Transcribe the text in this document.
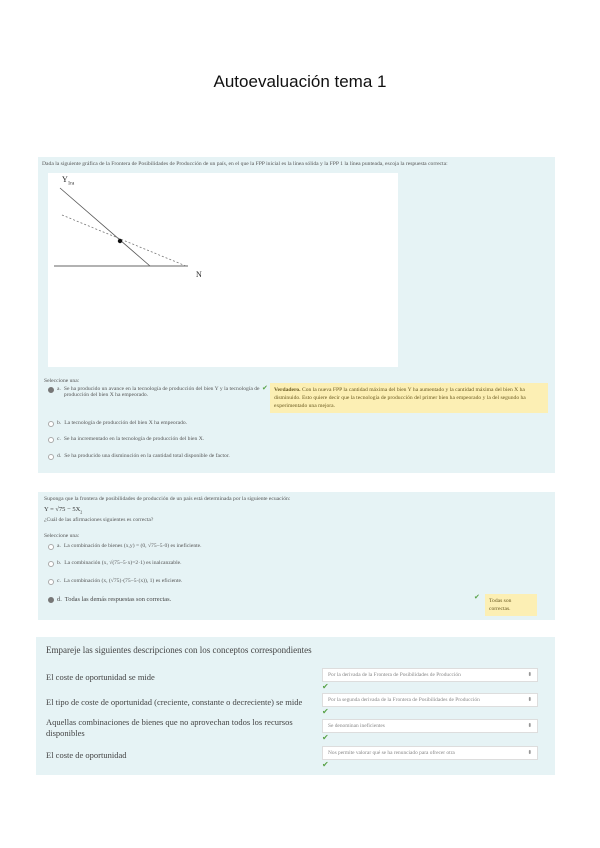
Autoevaluación tema 1
Dada la siguiente gráfica de la Frontera de Posibilidades de Producción de un país, en el que la FPP inicial es la línea sólida y la FPP 1 la línea punteada, escoja la respuesta correcta:
$Y_{1ra}$
N
Seleccione una:
a. Se ha producido un avance en la tecnología de producción del bien Y y la tecnología de producción del bien X ha empeorado.
✔	Verdadero. Con la nueva FPP la cantidad máxima del bien Y ha aumentado y la cantidad máxima del bien X ha disminuido. Esto quiere decir que la tecnología de producción del primer bien ha empeorado y la del segundo ha experimentado una mejora.
b. La tecnología de producción del bien X ha empeorado.
c. Se ha incrementado en la tecnología de producción del bien X.
d. Se ha producido una disminución en la cantidad total disponible de factor.
Suponga que la frontera de posibilidades de producción de un país está determinada por la siguiente ecuación:
$Y = √75 - 5X_2$
¿Cuál de las afirmaciones siguientes es correcta?
Seleccione una:
a. La combinación de bienes (x,y) = (0, √75−5·0) es ineficiente.
b. La combinación (x, √(75−5·x)=2·1) es inalcanzable.
c. La combinación (x, (√75)·(75−5·(x)), 1) es eficiente.
d. Todas las demás respuestas son correctas.	✔	Todas son correctas.
Empareje las siguientes descripciones con los conceptos correspondientes
El coste de oportunidad se mide	Por la derivada de la Frontera de Posibilidades de Producción	⬍
✔
El tipo de coste de oportunidad (creciente, constante o decreciente) se mide	Por la segunda derivada de la Frontera de Posibilidades de Producción	⬍
✔
Aquellas combinaciones de bienes que no aprovechan todos los recursos disponibles
Se denominan ineficientes	⬍
✔
El coste de oportunidad	Nos permite valorar qué se ha renunciado para ofrecer otra	⬍
✔
